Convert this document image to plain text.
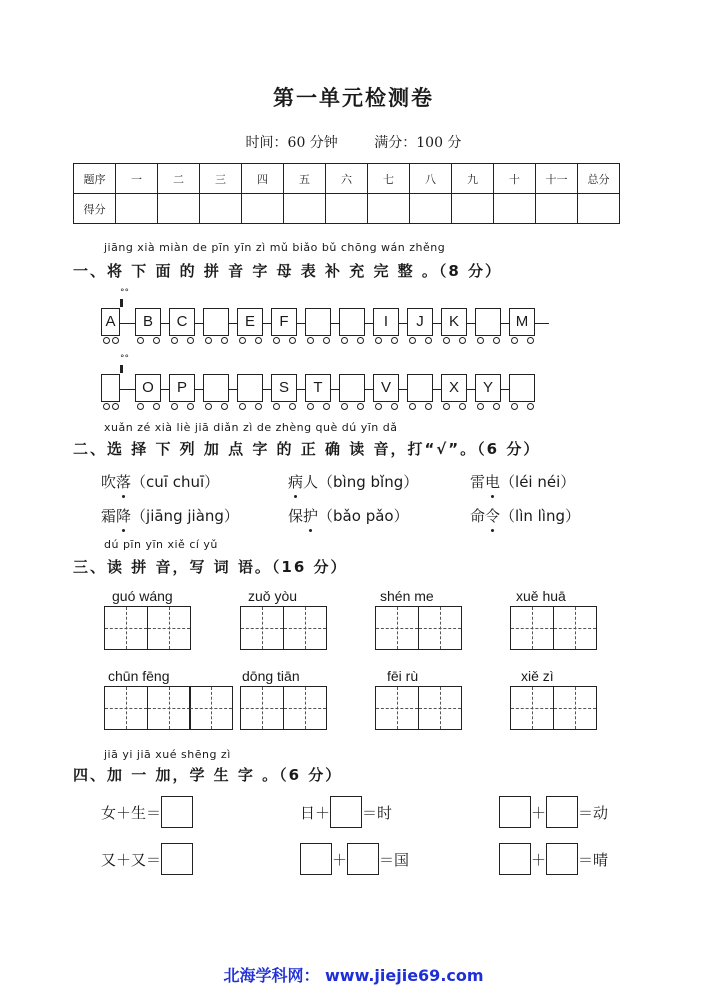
第一单元检测卷
时间：60 分钟	满分：100 分
题序	一	二	三	四	五	六	七	八	九	十	十一	总分
得分												
jiāng xià miàn de pīn yīn zì mǔ biǎo bǔ chōng wán zhěng
一、将 下 面 的 拼 音 字 母 表 补 充 完 整 。（8 分）
°°
A	B	C	E	F	I	J	K	M
°°
O	P	S	T	V	X	Y
xuǎn zé xià liè jiā diǎn zì de zhèng què dú yīn dǎ
二、选 择 下 列 加 点 字 的 正 确 读 音，打“√”。（6 分）
吹落（cuī chuī）	病人（bìng bǐng）	雷电（léi néi）
霜降（jiāng jiàng）	保护（bǎo pǎo）	命令（lìn lìng）
dú pīn yīn xiě cí yǔ
三、读 拼 音，写 词 语。（16 分）
guó wáng	zuǒ yòu	shén me	xuě huā
chūn fēng	dōng tiān	fēi rù	xiě zì
jiā yi jiā xué shēng zì
四、加 一 加，学 生 字 。（6 分）
女＋生＝	日＋ ＝时	＋ ＝动
又＋又＝	＋ ＝国	＋ ＝晴
北海学科网： www.jiejie69.com
